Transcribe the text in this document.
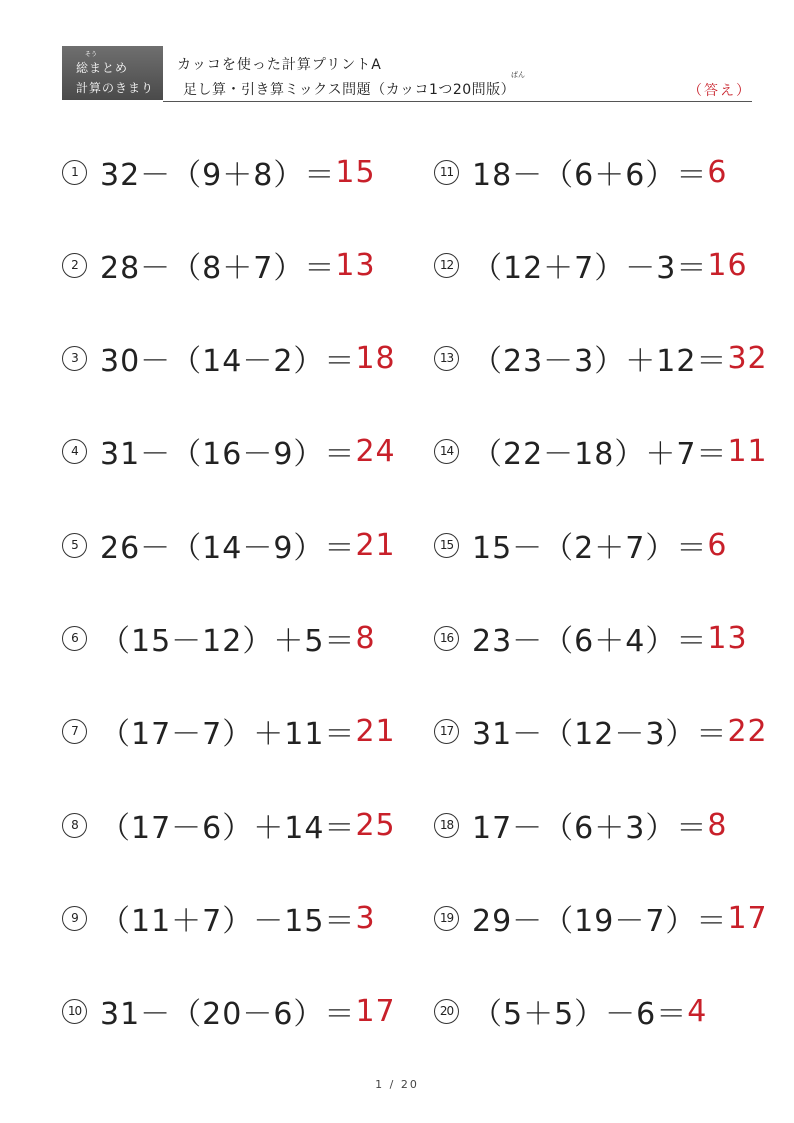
そう
総まとめ
計算のきまり
カッコを使った計算プリントA
ばん
足し算・引き算ミックス問題（カッコ1つ20問版）	（答え）
1 32－（9＋8）＝ 15
2 28－（8＋7）＝ 13
3 30－（14－2）＝ 18
4 31－（16－9）＝ 24
5 26－（14－9）＝ 21
6 （15－12）＋5＝ 8
7 （17－7）＋11＝ 21
8 （17－6）＋14＝ 25
9 （11＋7）－15＝ 3
10 31－（20－6）＝ 17
11 18－（6＋6）＝ 6
12 （12＋7）－3＝ 16
13 （23－3）＋12＝ 32
14 （22－18）＋7＝ 11
15 15－（2＋7）＝ 6
16 23－（6＋4）＝ 13
17 31－（12－3）＝ 22
18 17－（6＋3）＝ 8
19 29－（19－7）＝ 17
20 （5＋5）－6＝ 4
1 / 20
